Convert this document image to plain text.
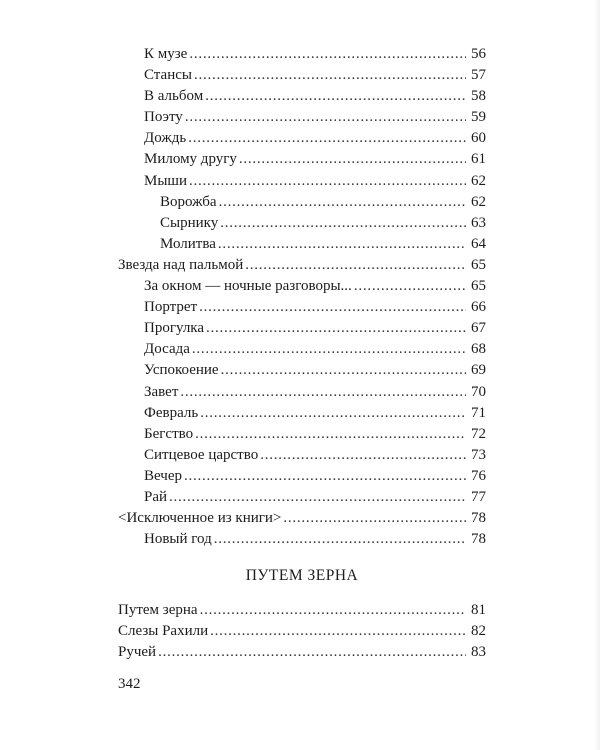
К музе . . .	56
Стансы . . .	57
В альбом . . .	58
Поэту . . .	59
Дождь . . .	60
Милому другу . . .	61
Мыши . . .	62
Ворожба . . .	62
Сырнику . . .	63
Молитва . . .	64
Звезда над пальмой . . .	65
За окном — ночные разговоры... . . .	65
Портрет . . .	66
Прогулка . . .	67
Досада . . .	68
Успокоение . . .	69
Завет . . .	70
Февраль . . .	71
Бегство . . .	72
Ситцевое царство . . .	73
Вечер . . .	76
Рай . . .	77
<Исключенное из книги> . . .	78
Новый год . . .	78
ПУТЕМ ЗЕРНА
Путем зерна . . .	81
Слезы Рахили . . .	82
Ручей . . .	83
342
